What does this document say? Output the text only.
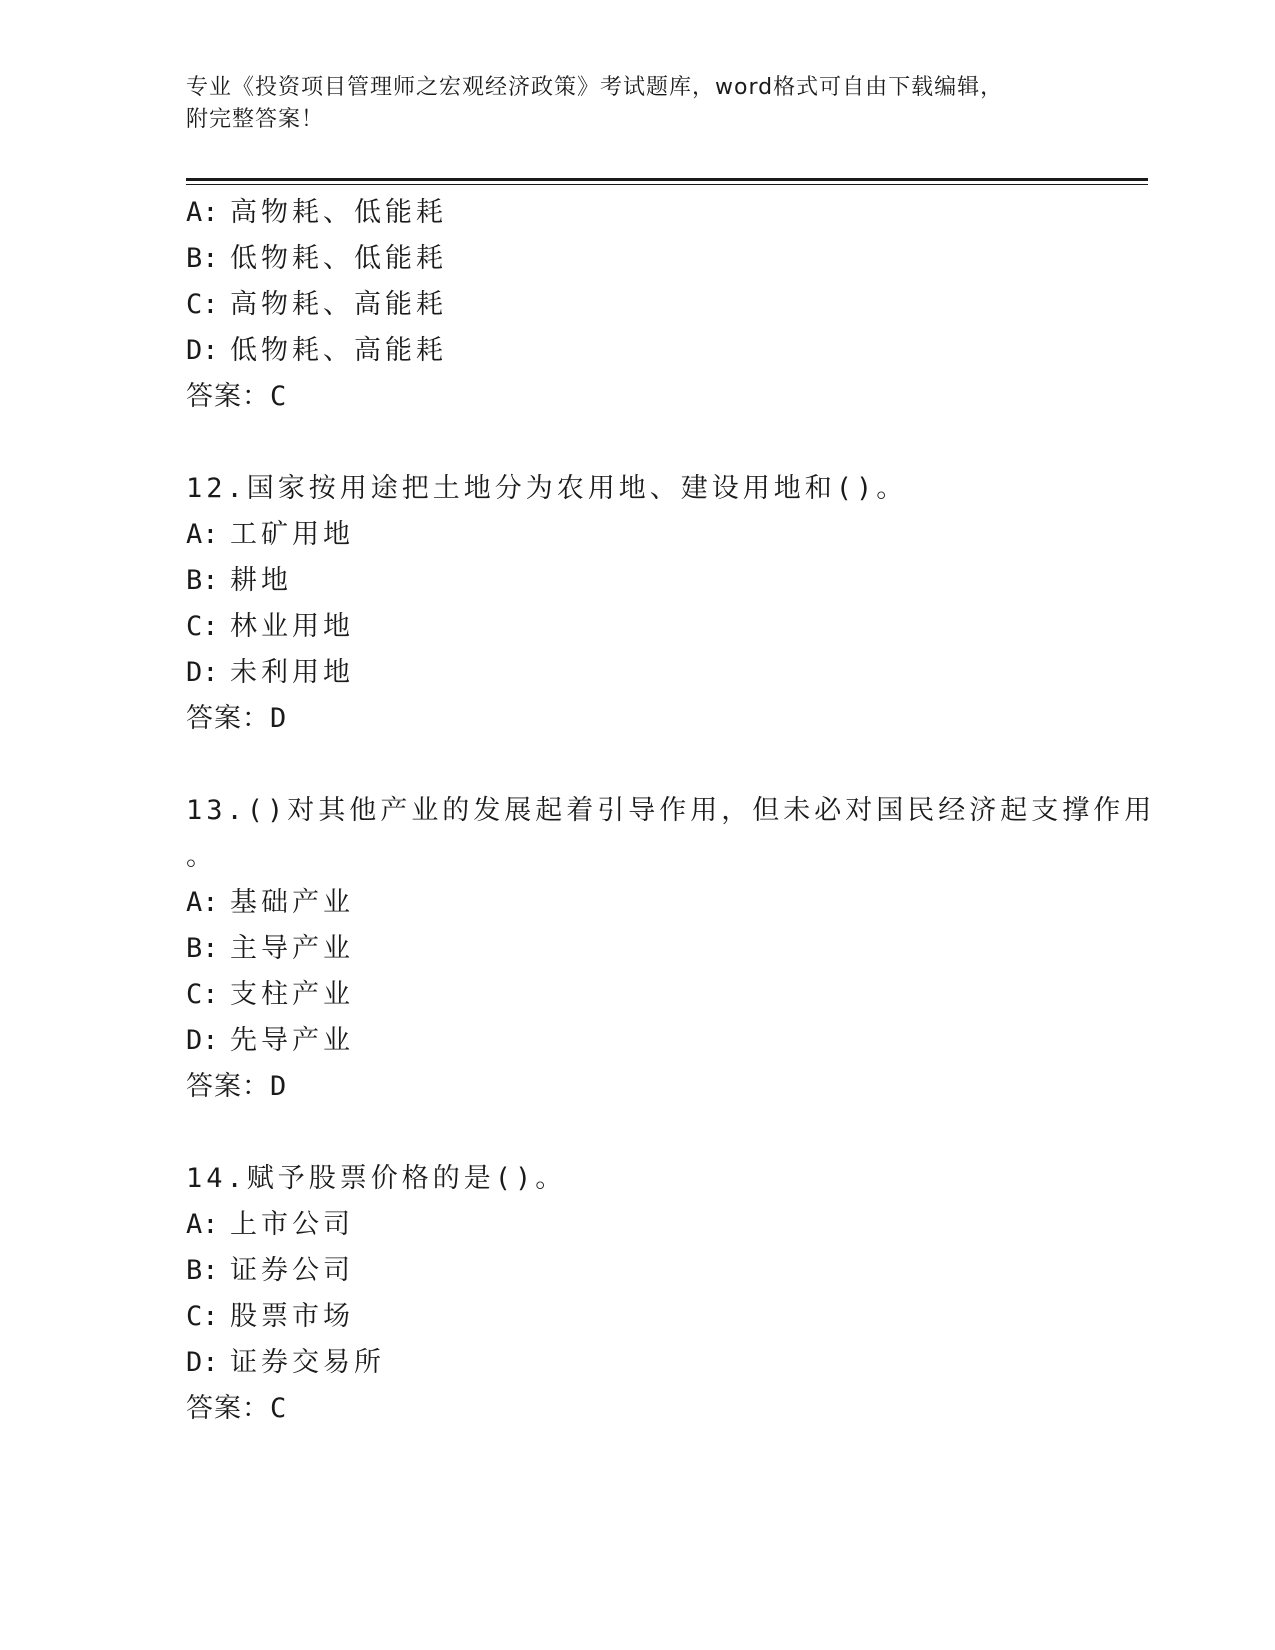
专业《投资项目管理师之宏观经济政策》考试题库，word格式可自由下载编辑，
附完整答案！
A: 高物耗、低能耗
B: 低物耗、低能耗
C: 高物耗、高能耗
D: 低物耗、高能耗
答案：C
12.国家按用途把土地分为农用地、建设用地和()。
A: 工矿用地
B: 耕地
C: 林业用地
D: 未利用地
答案：D
13.()对其他产业的发展起着引导作用，但未必对国民经济起支撑作用
。
A: 基础产业
B: 主导产业
C: 支柱产业
D: 先导产业
答案：D
14.赋予股票价格的是()。
A: 上市公司
B: 证券公司
C: 股票市场
D: 证券交易所
答案：C
